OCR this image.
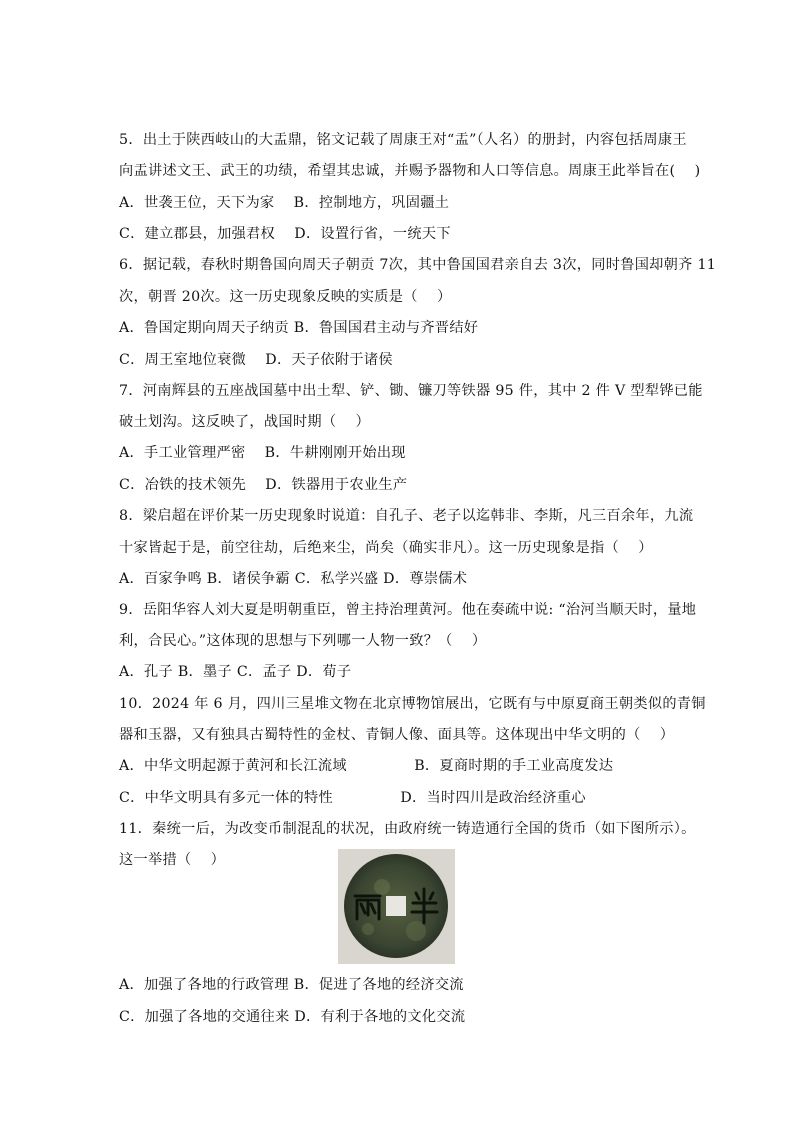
5．出土于陕西岐山的大盂鼎，铭文记载了周康王对“盂”（人名）的册封，内容包括周康王
向盂讲述文王、武王的功绩，希望其忠诚，并赐予器物和人口等信息。周康王此举旨在(    )
A．世袭王位，天下为家    B．控制地方，巩固疆土
C．建立郡县，加强君权    D．设置行省，一统天下
6．据记载，春秋时期鲁国向周天子朝贡 7次，其中鲁国国君亲自去 3次，同时鲁国却朝齐 11
次，朝晋 20次。这一历史现象反映的实质是（    ）
A．鲁国定期向周天子纳贡 B．鲁国国君主动与齐晋结好
C．周王室地位衰微    D．天子依附于诸侯
7．河南辉县的五座战国墓中出土犁、铲、锄、镰刀等铁器 95 件，其中 2 件 V 型犁铧已能
破土划沟。这反映了，战国时期（    ）
A．手工业管理严密    B．牛耕刚刚开始出现
C．冶铁的技术领先    D．铁器用于农业生产
8．梁启超在评价某一历史现象时说道：自孔子、老子以迄韩非、李斯，凡三百余年，九流
十家皆起于是，前空往劫，后绝来尘，尚矣（确实非凡）。这一历史现象是指（    ）
A．百家争鸣 B．诸侯争霸 C．私学兴盛 D．尊崇儒术
9．岳阳华容人刘大夏是明朝重臣，曾主持治理黄河。他在奏疏中说: “治河当顺天时，量地
利，合民心。”这体现的思想与下列哪一人物一致？（    ）
A．孔子 B．墨子 C．孟子 D．荀子
10．2024 年 6 月，四川三星堆文物在北京博物馆展出，它既有与中原夏商王朝类似的青铜
器和玉器，又有独具古蜀特性的金杖、青铜人像、面具等。这体现出中华文明的（    ）
A．中华文明起源于黄河和长江流域              B．夏商时期的手工业高度发达
C．中华文明具有多元一体的特性              D．当时四川是政治经济重心
11．秦统一后，为改变币制混乱的状况，由政府统一铸造通行全国的货币（如下图所示）。
这一举措（    ）
A．加强了各地的行政管理 B．促进了各地的经济交流
C．加强了各地的交通往来 D．有利于各地的文化交流
